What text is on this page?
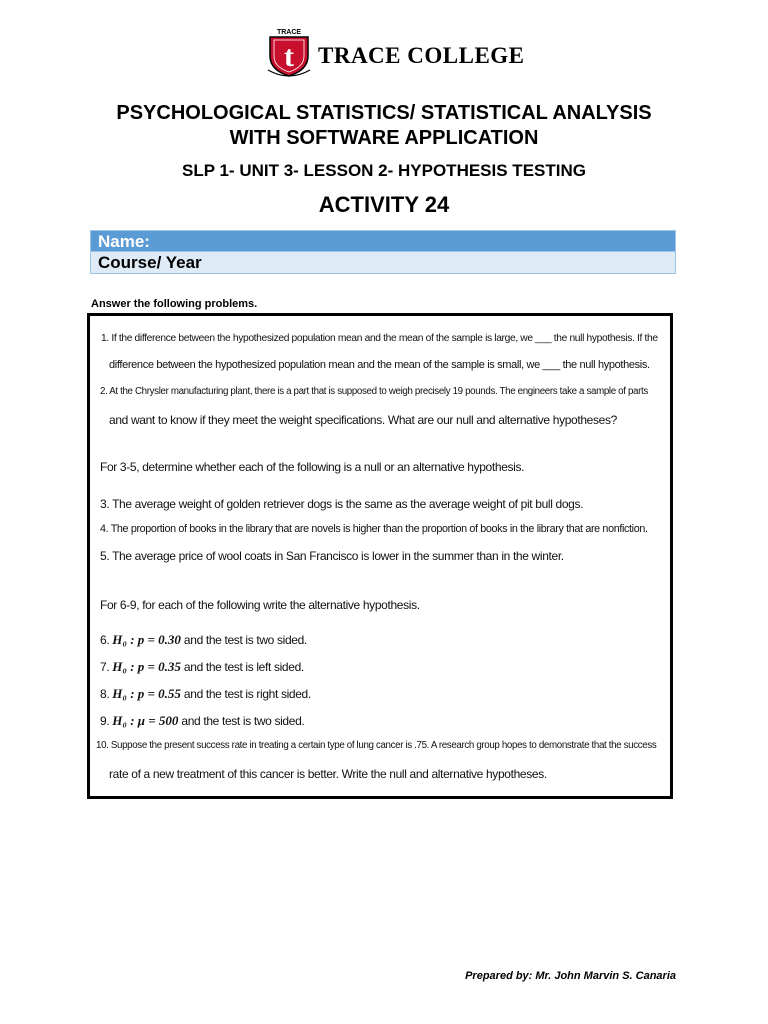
TRACE
t TRACE COLLEGE
PSYCHOLOGICAL STATISTICS/ STATISTICAL ANALYSIS
WITH SOFTWARE APPLICATION
SLP 1- UNIT 3- LESSON 2- HYPOTHESIS TESTING
ACTIVITY 24
Name:
Course/ Year
Answer the following problems.
1. If the difference between the hypothesized population mean and the mean of the sample is large, we ___ the null hypothesis. If the
difference between the hypothesized population mean and the mean of the sample is small, we ___ the null hypothesis.
2. At the Chrysler manufacturing plant, there is a part that is supposed to weigh precisely 19 pounds. The engineers take a sample of parts
and want to know if they meet the weight specifications. What are our null and alternative hypotheses?
For 3-5, determine whether each of the following is a null or an alternative hypothesis.
3. The average weight of golden retriever dogs is the same as the average weight of pit bull dogs.
4. The proportion of books in the library that are novels is higher than the proportion of books in the library that are nonfiction.
5. The average price of wool coats in San Francisco is lower in the summer than in the winter.
For 6-9, for each of the following write the alternative hypothesis.
6. H₀ : p = 0.30 and the test is two sided.
7. H₀ : p = 0.35 and the test is left sided.
8. H₀ : p = 0.55 and the test is right sided.
9. H₀ : μ = 500 and the test is two sided.
10. Suppose the present success rate in treating a certain type of lung cancer is .75. A research group hopes to demonstrate that the success
rate of a new treatment of this cancer is better. Write the null and alternative hypotheses.
Prepared by: Mr. John Marvin S. Canaria
